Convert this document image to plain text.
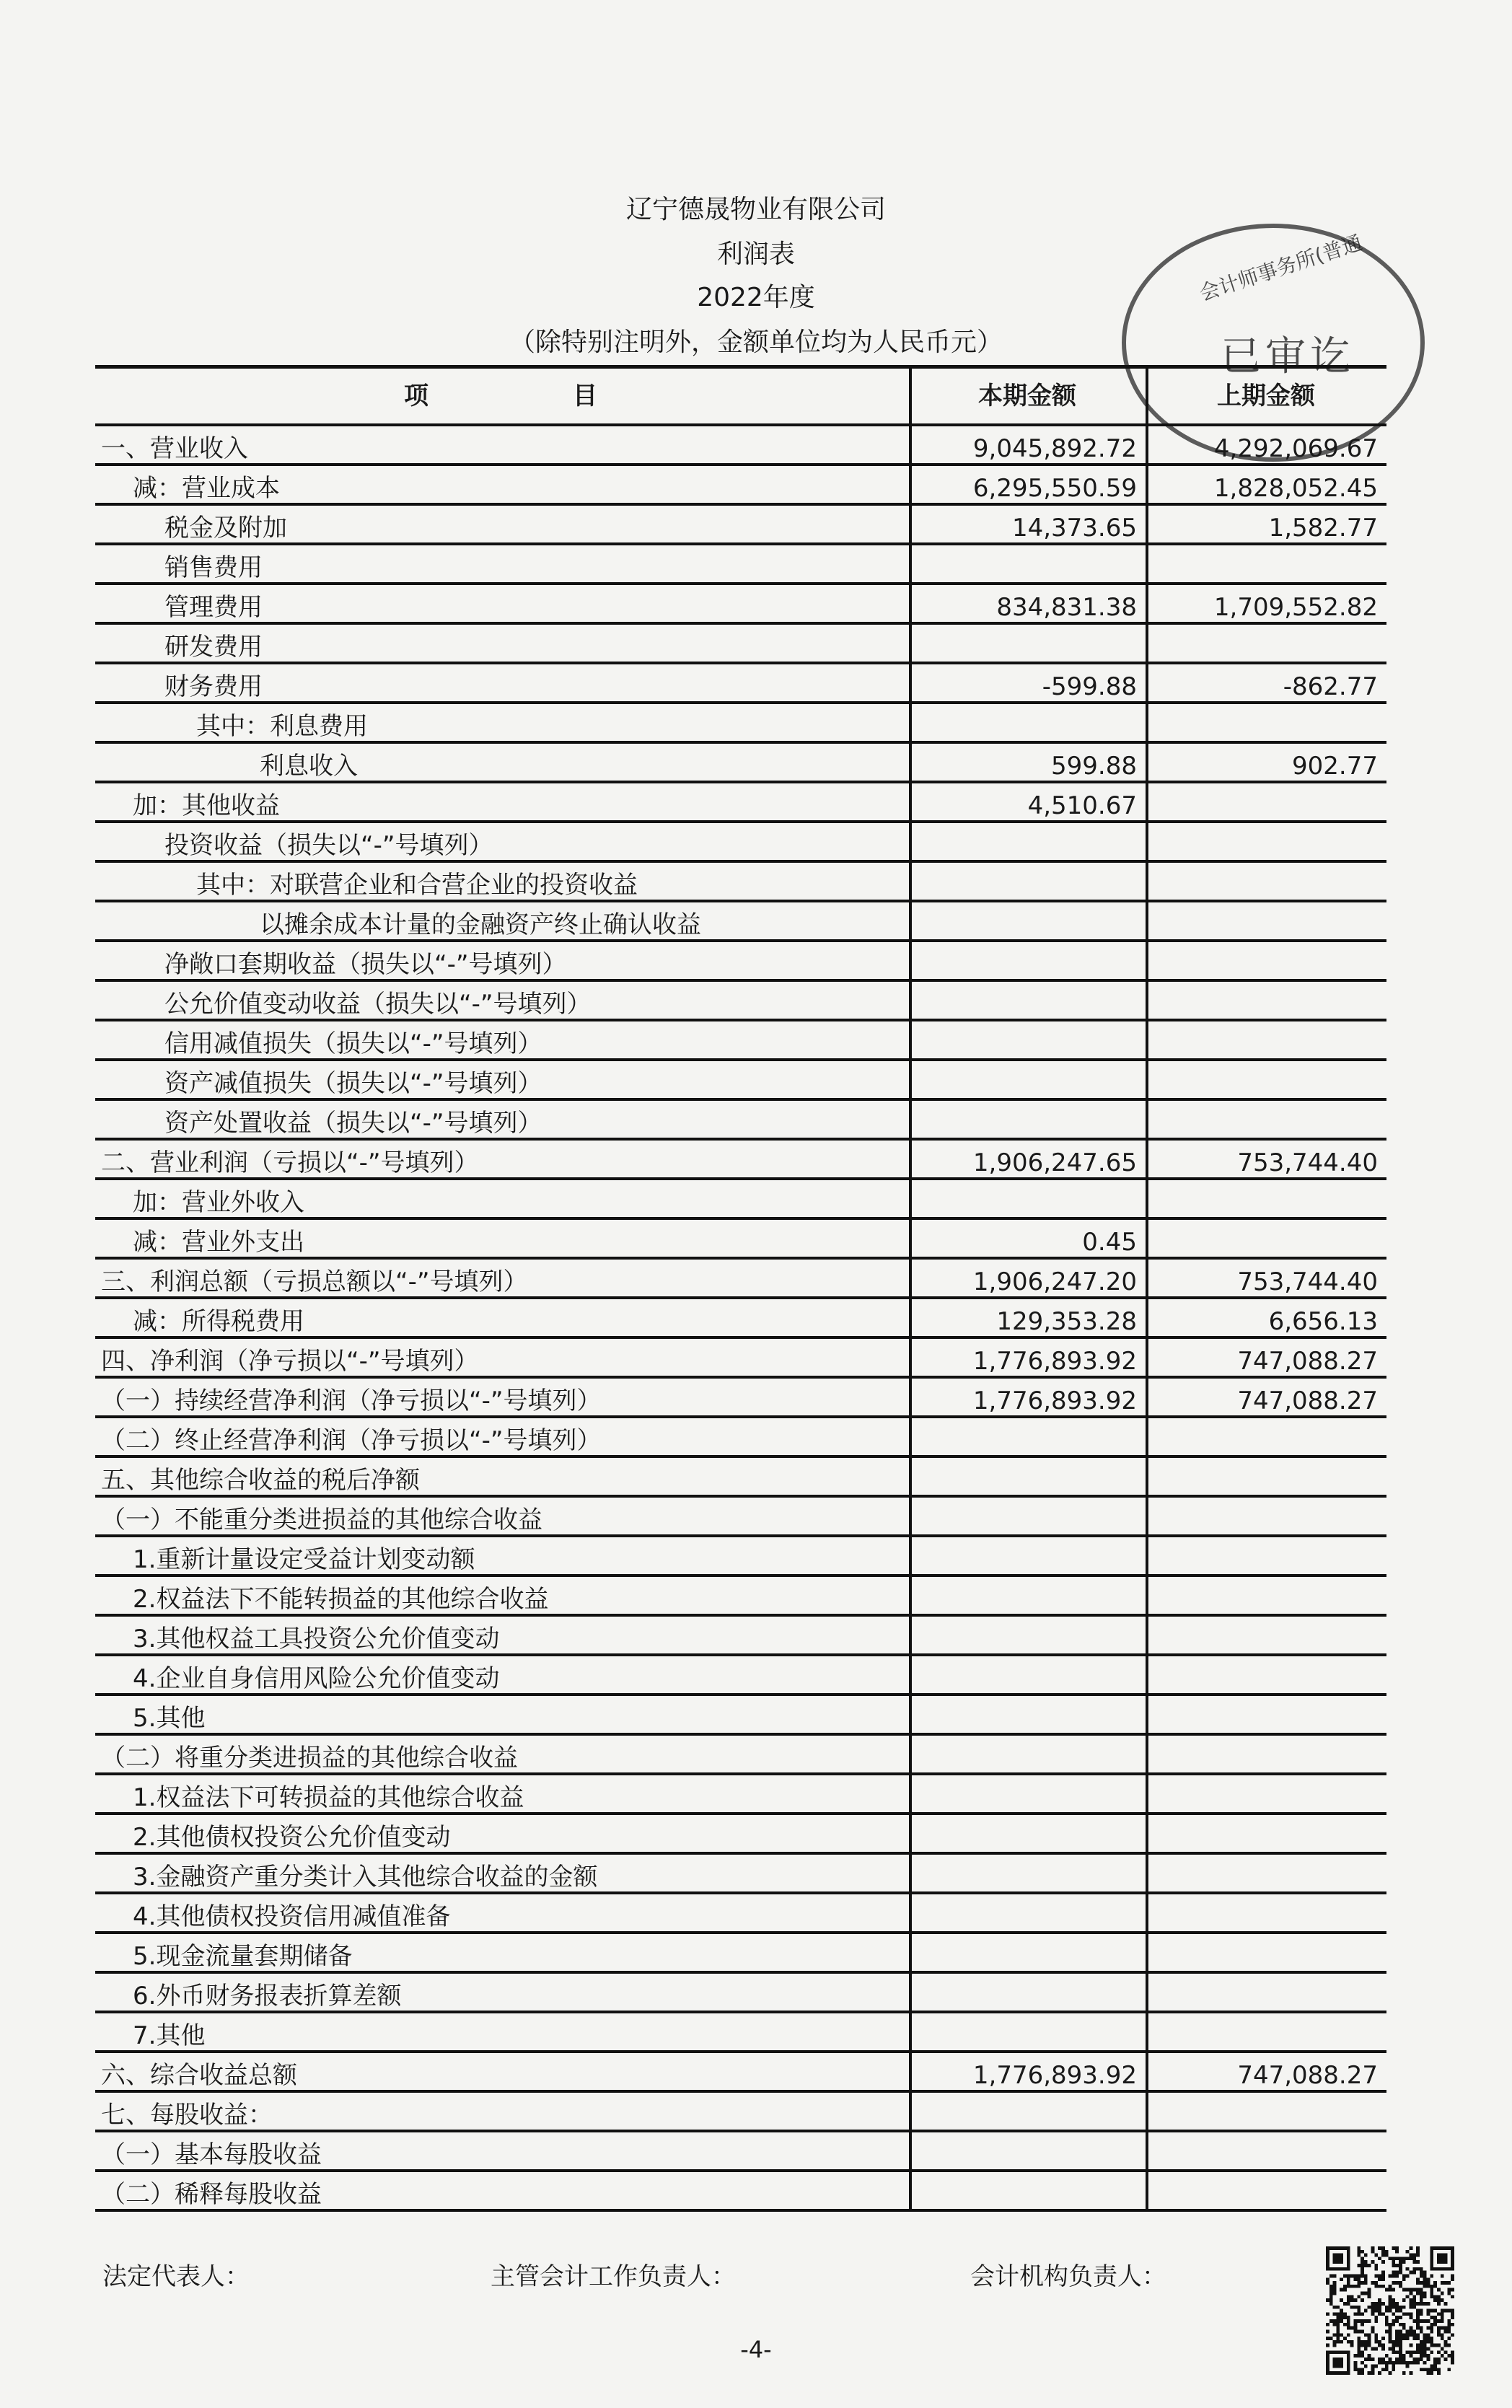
辽宁德晟物业有限公司
利润表
2022年度
（除特别注明外，金额单位均为人民币元）
会计师事务所(普通
已审讫
项 目	本期金额	上期金额
一、营业收入	9,045,892.72	4,292,069.67
减：营业成本	6,295,550.59	1,828,052.45
税金及附加	14,373.65	1,582.77
销售费用		
管理费用	834,831.38	1,709,552.82
研发费用		
财务费用	-599.88	-862.77
其中：利息费用		
利息收入	599.88	902.77
加：其他收益	4,510.67	
投资收益（损失以“-”号填列）		
其中：对联营企业和合营企业的投资收益		
以摊余成本计量的金融资产终止确认收益		
净敞口套期收益（损失以“-”号填列）		
公允价值变动收益（损失以“-”号填列）		
信用减值损失（损失以“-”号填列）		
资产减值损失（损失以“-”号填列）		
资产处置收益（损失以“-”号填列）		
二、营业利润（亏损以“-”号填列）	1,906,247.65	753,744.40
加：营业外收入		
减：营业外支出	0.45	
三、利润总额（亏损总额以“-”号填列）	1,906,247.20	753,744.40
减：所得税费用	129,353.28	6,656.13
四、净利润（净亏损以“-”号填列）	1,776,893.92	747,088.27
（一）持续经营净利润（净亏损以“-”号填列）	1,776,893.92	747,088.27
（二）终止经营净利润（净亏损以“-”号填列）		
五、其他综合收益的税后净额		
（一）不能重分类进损益的其他综合收益		
1.重新计量设定受益计划变动额		
2.权益法下不能转损益的其他综合收益		
3.其他权益工具投资公允价值变动		
4.企业自身信用风险公允价值变动		
5.其他		
（二）将重分类进损益的其他综合收益		
1.权益法下可转损益的其他综合收益		
2.其他债权投资公允价值变动		
3.金融资产重分类计入其他综合收益的金额		
4.其他债权投资信用减值准备		
5.现金流量套期储备		
6.外币财务报表折算差额		
7.其他		
六、综合收益总额	1,776,893.92	747,088.27
七、每股收益：		
（一）基本每股收益		
（二）稀释每股收益		
法定代表人：	主管会计工作负责人：	会计机构负责人：
-4-
